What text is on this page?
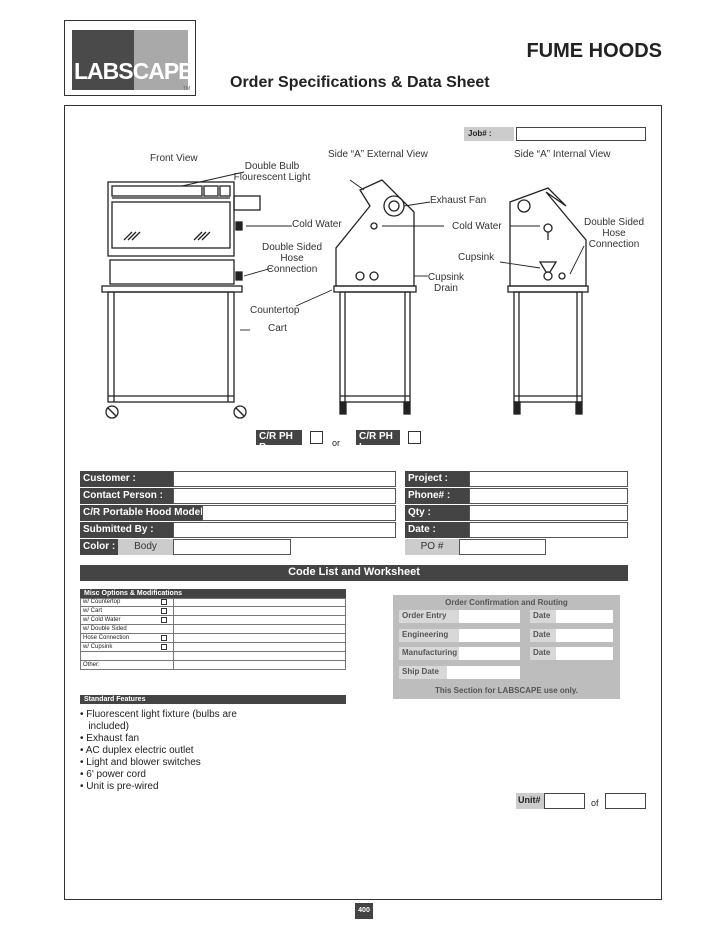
LABSCAPE
TM
FUME HOODS
Order Specifications & Data Sheet
Job# :
Front View	Side “A” External View	Side “A” Internal View
Double Bulb
Flourescent Light
Exhaust Fan
Cold Water	Cold Water
Double Sided
Hose
Connection
Double Sided
Hose
Connection
Cupsink
Cupsink
Drain
Countertop
Cart
C/R PH R	or
C/R PH L
Customer :
Contact Person :
C/R Portable Hood Model # :
Submitted By :
Color :	Body
Project :
Phone# :
Qty :
Date :
PO #
Code List and Worksheet
Misc Options & Modifications
w/ Countertop
w/ Cart
w/ Cold Water
w/ Double Sided
Hose Connection
w/ Cupsink
Other:
Order Confirmation and Routing
Order Entry	Date
Engineering	Date
Manufacturing	Date
Ship Date
This Section for LABSCAPE use only.
Standard Features
• Fluorescent light fixture (bulbs are
included)
• Exhaust fan
• AC duplex electric outlet
• Light and blower switches
• 6' power cord
• Unit is pre-wired
Unit#	of
400
